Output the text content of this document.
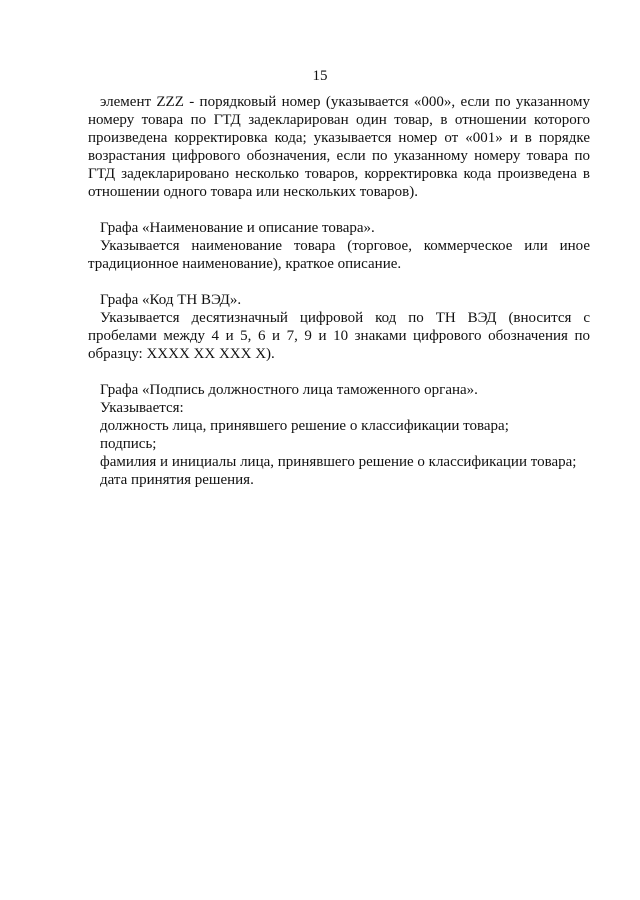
15

элемент ZZZ - порядковый номер (указывается «000», если по указанному номеру товара по ГТД задекларирован один товар, в отношении которого произведена корректировка кода; указывается номер от «001» и в порядке возрастания цифрового обозначения, если по указанному номеру товара по ГТД задекларировано несколько товаров, корректировка кода произведена в отношении одного товара или нескольких товаров).

Графа «Наименование и описание товара».

Указывается наименование товара (торговое, коммерческое или иное традиционное наименование), краткое описание.

Графа «Код ТН ВЭД».

Указывается десятизначный цифровой код по ТН ВЭД (вносится с пробелами между 4 и 5, 6 и 7, 9 и 10 знаками цифрового обозначения по образцу: XXXX XX XXX X).

Графа «Подпись должностного лица таможенного органа».

Указывается:
должность лица, принявшего решение о классификации товара;
подпись;
фамилия и инициалы лица, принявшего решение о классификации товара;
дата принятия решения.
